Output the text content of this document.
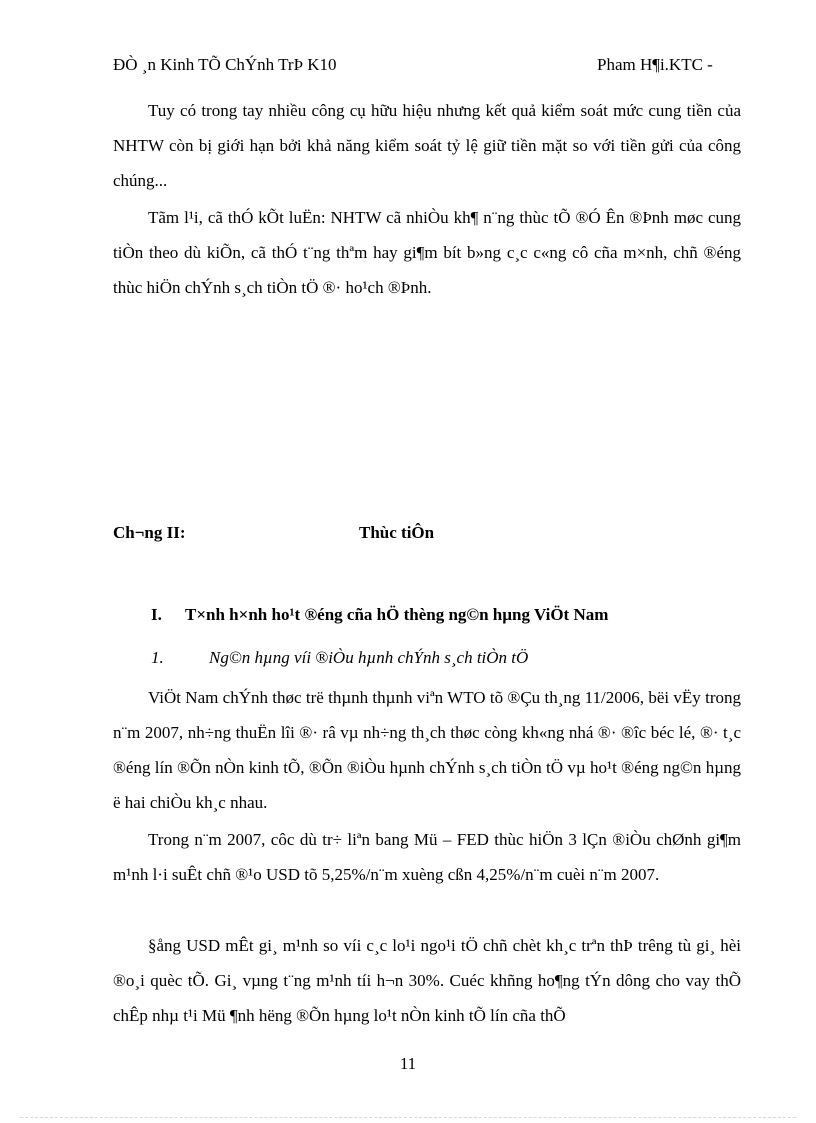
ĐÒ ¸n Kinh TÕ ChÝnh TrÞ K10	Pham H¶i.KTC -

Tuy có trong tay nhiều công cụ hữu hiệu nhưng kết quả kiểm soát mức cung tiền của NHTW còn bị giới hạn bởi khả năng kiểm soát tỷ lệ giữ tiền mặt so với tiền gửi của công chúng...

Tãm l¹i, cã thÓ kÕt luËn: NHTW cã nhiÒu kh¶ n¨ng thùc tÕ ®Ó Ên ®Þnh møc cung tiÒn theo dù kiÕn, cã thÓ t¨ng thªm hay gi¶m bít b»ng c¸c c«ng cô cña m×nh, chñ ®éng thùc hiÖn chÝnh s¸ch tiÒn tÖ ®· ho¹ch ®Þnh.

Ch¬ng II:	Thùc tiÔn
I. T×nh h×nh ho¹t ®éng cña hÖ thèng ng©n hµng ViÖt Nam
1.	Ng©n hµng víi ®iÒu hµnh chÝnh s¸ch tiÒn tÖ

ViÖt Nam chÝnh thøc trë thµnh thµnh viªn WTO tõ ®Çu th¸ng 11/2006, bëi vËy trong n¨m 2007, nh÷ng thuËn lîi ®· râ vµ nh÷ng th¸ch thøc còng kh«ng nhá ®· ®îc béc lé, ®· t¸c ®éng lín ®Õn nÒn kinh tÕ, ®Õn ®iÒu hµnh chÝnh s¸ch tiÒn tÖ vµ ho¹t ®éng ng©n hµng ë hai chiÒu kh¸c nhau.

Trong n¨m 2007, côc dù tr÷ liªn bang Mü – FED thùc hiÖn 3 lÇn ®iÒu chØnh gi¶m m¹nh l·i suÊt chñ ®¹o USD tõ 5,25%/n¨m xuèng cßn 4,25%/n¨m cuèi n¨m 2007.

§ång USD mÊt gi¸ m¹nh so víi c¸c lo¹i ngo¹i tÖ chñ chèt kh¸c trªn thÞ trêng tù gi¸ hèi ®o¸i quèc tÕ. Gi¸ vµng t¨ng m¹nh tíi h¬n 30%. Cuéc khñng ho¶ng tÝn dông cho vay thÕ chÊp nhµ t¹i Mü ¶nh hëng ®Õn hµng lo¹t nÒn kinh tÕ lín cña thÕ

11
